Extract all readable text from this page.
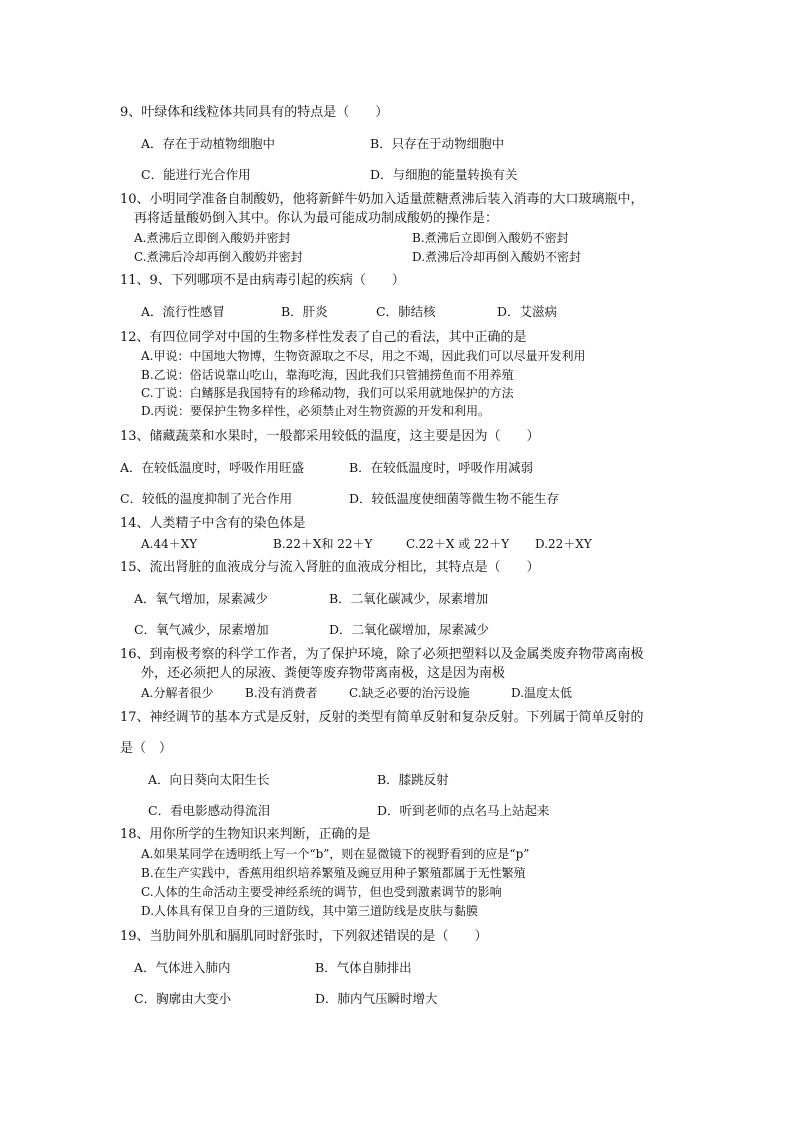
9、叶绿体和线粒体共同具有的特点是（　　）
A．存在于动植物细胞中	B．只存在于动物细胞中
C．能进行光合作用	D．与细胞的能量转换有关
10、小明同学准备自制酸奶，他将新鲜牛奶加入适量蔗糖煮沸后装入消毒的大口玻璃瓶中，
再将适量酸奶倒入其中。你认为最可能成功制成酸奶的操作是：
A.煮沸后立即倒入酸奶并密封	B.煮沸后立即倒入酸奶不密封
C.煮沸后冷却再倒入酸奶并密封	D.煮沸后冷却再倒入酸奶不密封
11、9、下列哪项不是由病毒引起的疾病（　　）
A．流行性感冒	B．肝炎	C．肺结核	D．艾滋病
12、有四位同学对中国的生物多样性发表了自己的看法，其中正确的是
A.甲说：中国地大物博，生物资源取之不尽，用之不竭，因此我们可以尽量开发利用
B.乙说：俗话说靠山吃山，靠海吃海，因此我们只管捕捞鱼而不用养殖
C.丁说：白鳍豚是我国特有的珍稀动物，我们可以采用就地保护的方法
D.丙说：要保护生物多样性，必须禁止对生物资源的开发和利用。
13、储藏蔬菜和水果时，一般都采用较低的温度，这主要是因为（　　）
A．在较低温度时，呼吸作用旺盛	B．在较低温度时，呼吸作用减弱
C．较低的温度抑制了光合作用	D．较低温度使细菌等微生物不能生存
14、人类精子中含有的染色体是
A.44＋XY	B.22＋X和 22＋Y	C.22＋X 或 22＋Y D.22＋XY
15、流出肾脏的血液成分与流入肾脏的血液成分相比，其特点是（　　）
A．氧气增加，尿素减少	B．二氧化碳减少，尿素增加
C．氧气减少，尿素增加	D．二氧化碳增加，尿素减少
16、到南极考察的科学工作者，为了保护环境，除了必须把塑料以及金属类废弃物带离南极
外，还必须把人的尿液、粪便等废弃物带离南极，这是因为南极
A.分解者很少	B.没有消费者	C.缺乏必要的治污设施	D.温度太低
17、神经调节的基本方式是反射，反射的类型有简单反射和复杂反射。下列属于简单反射的
是（　）
A．向日葵向太阳生长	B．膝跳反射
C．看电影感动得流泪	D．听到老师的点名马上站起来
18、用你所学的生物知识来判断，正确的是
A.如果某同学在透明纸上写一个“b”，则在显微镜下的视野看到的应是“p”
B.在生产实践中，香蕉用组织培养繁殖及豌豆用种子繁殖都属于无性繁殖
C.人体的生命活动主要受神经系统的调节，但也受到激素调节的影响
D.人体具有保卫自身的三道防线，其中第三道防线是皮肤与黏膜
19、当肋间外肌和膈肌同时舒张时，下列叙述错误的是（　　）
A．气体进入肺内	B．气体自肺排出
C．胸廓由大变小	D．肺内气压瞬时增大
